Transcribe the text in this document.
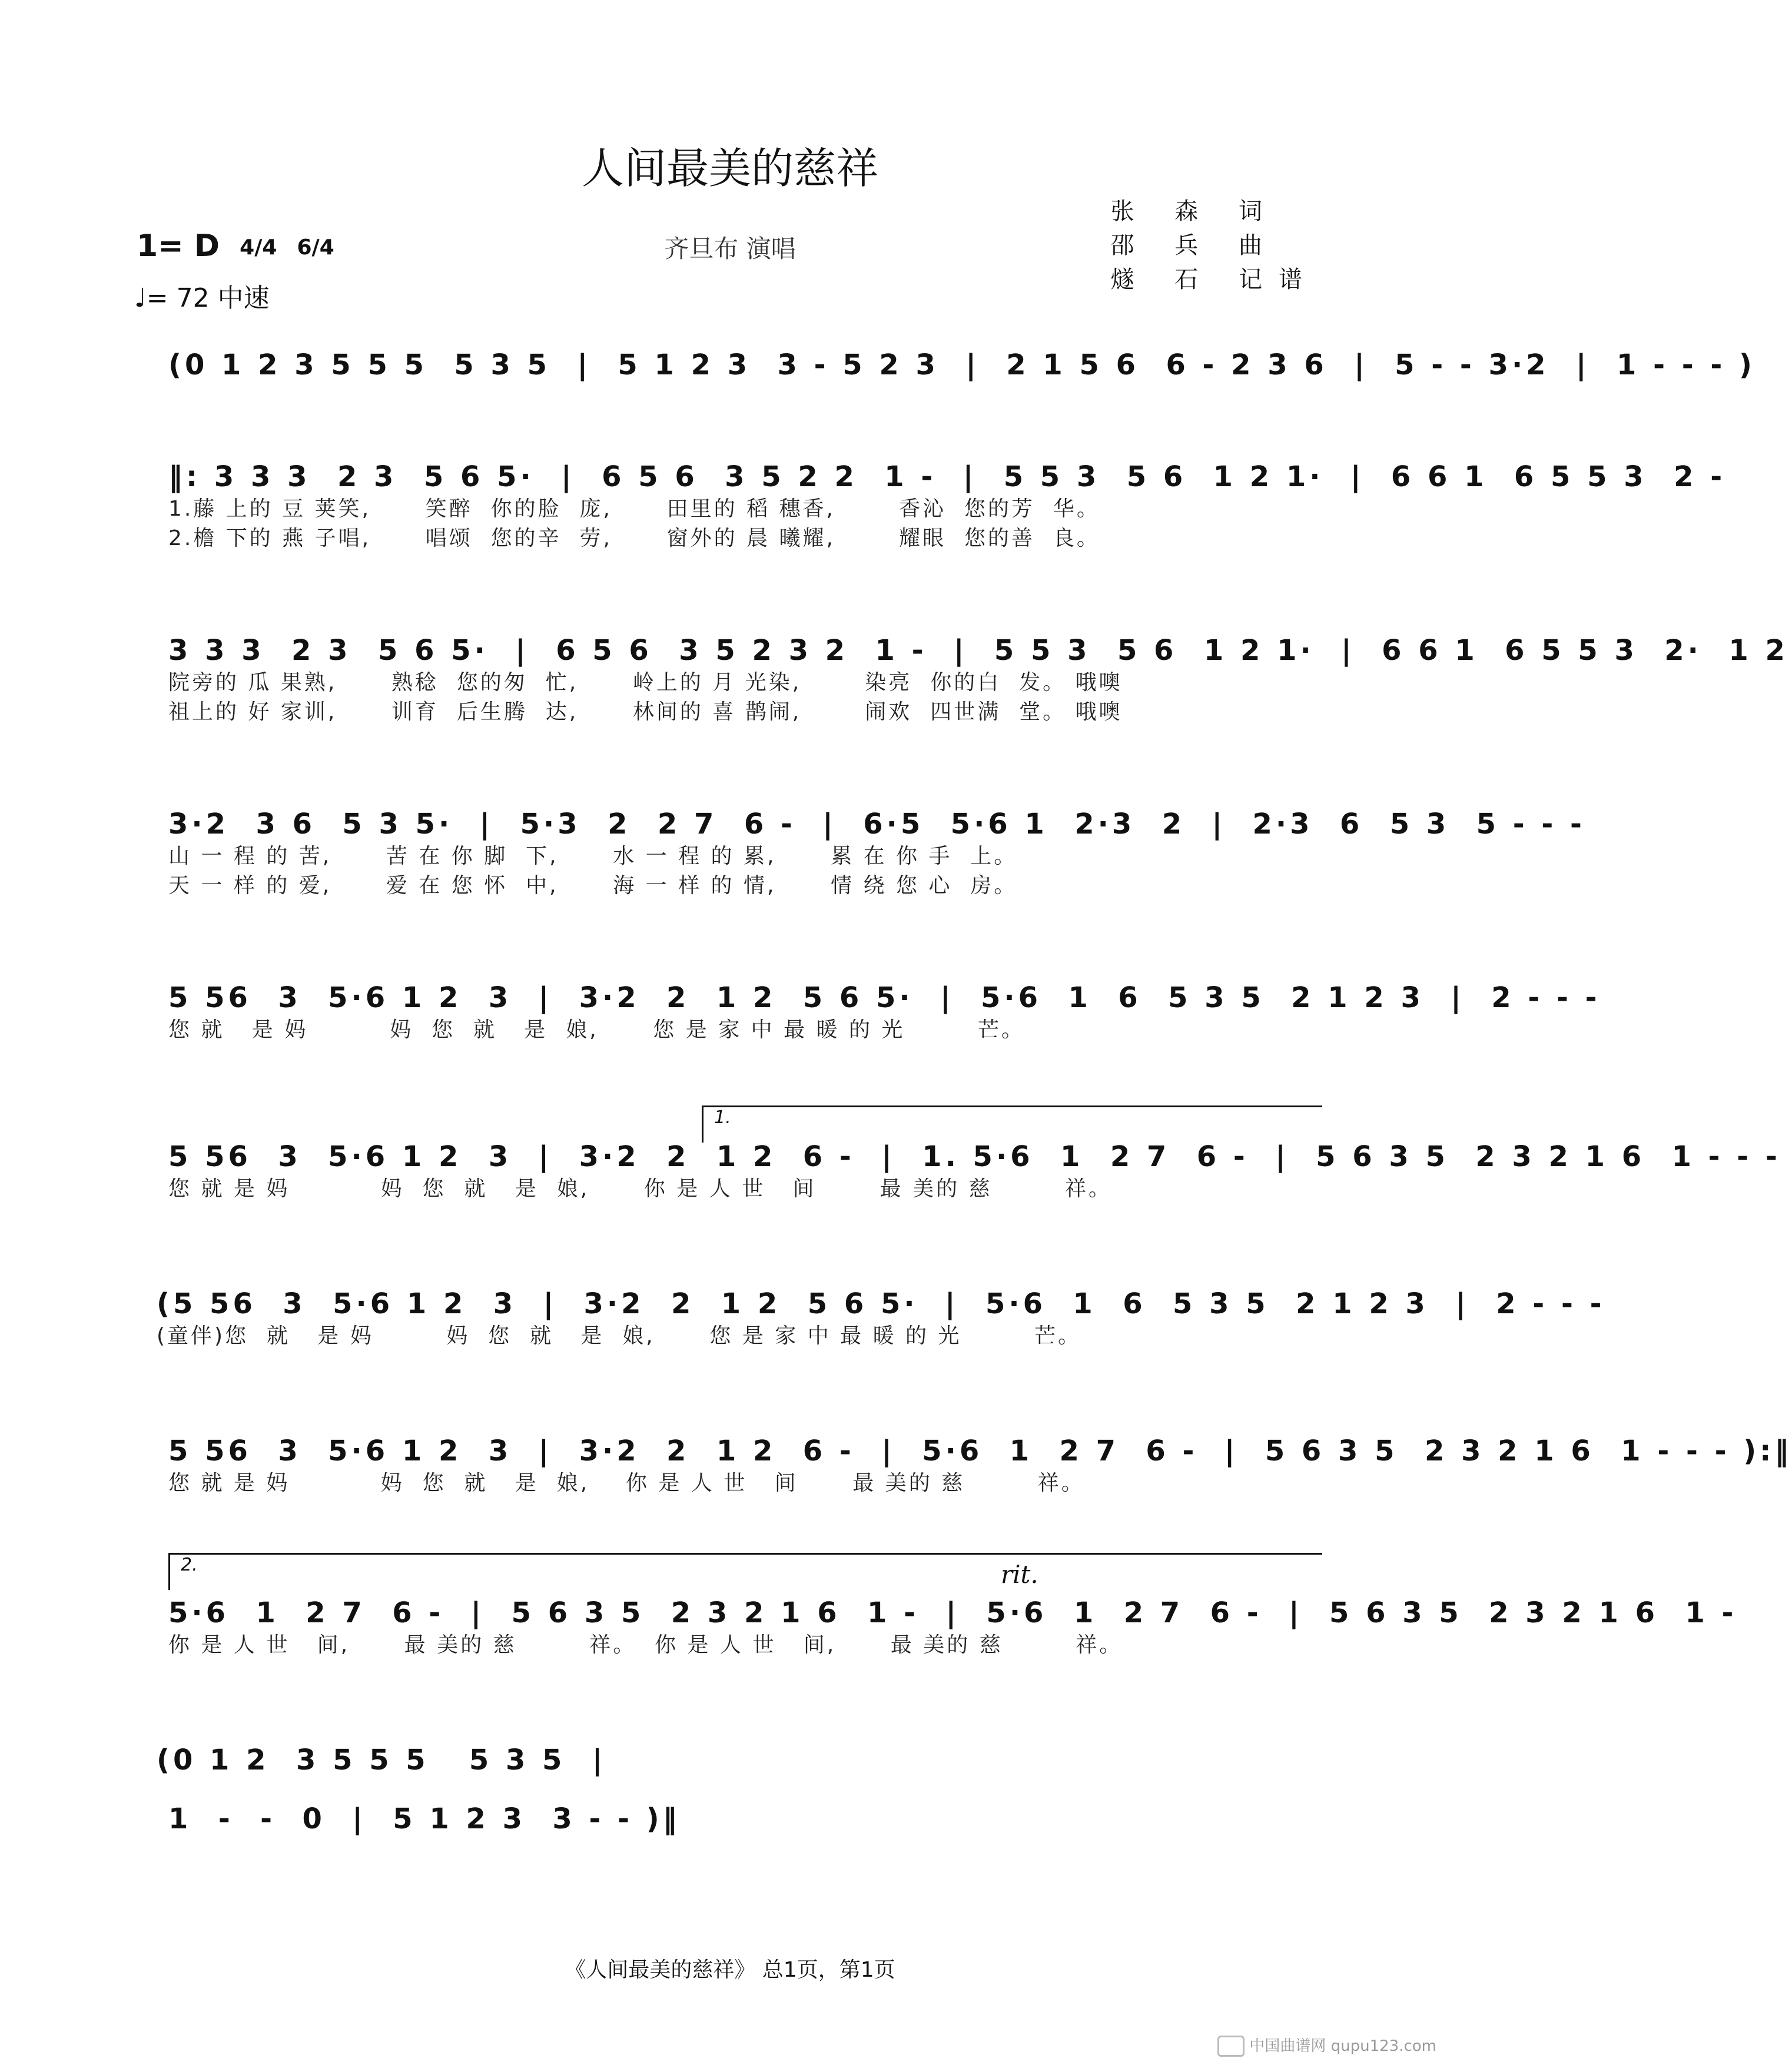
人间最美的慈祥
张 森 词
邵 兵 曲
燧 石 记谱
1= D 4/4 6/4
♩= 72 中速
齐旦布 演唱
(0 1 2 3 5 5 5  5 3 5  |  5 1 2 3  3 - 5 2 3  |  2 1 5 6  6 - 2 3 6  |  5 - - 3·2  |  1 - - - )
‖: 3 3 3  2 3  5 6 5·  |  6 5 6  3 5 2 2  1 -  |  5 5 3  5 6  1 2 1·  |  6 6 1  6 5 5 3  2 -
1.藤 上的 豆 荚笑,      笑醉  你的脸  庞,      田里的 稻 穗香,       香沁  您的芳  华。
2.檐 下的 燕 子唱,      唱颂  您的辛  劳,      窗外的 晨 曦耀,       耀眼  您的善  良。
3 3 3  2 3  5 6 5·  |  6 5 6  3 5 2 3 2  1 -  |  5 5 3  5 6  1 2 1·  |  6 6 1  6 5 5 3  2·  1 2
院旁的 瓜 果熟,      熟稔  您的匆  忙,      岭上的 月 光染,       染亮  你的白  发。 哦噢
祖上的 好 家训,      训育  后生腾  达,      林间的 喜 鹊闹,       闹欢  四世满  堂。 哦噢
3·2  3 6  5 3 5·  |  5·3  2  2 7  6 -  |  6·5  5·6 1  2·3  2  |  2·3  6  5 3  5 - - -
山 一 程 的 苦,      苦 在 你 脚  下,      水 一 程 的 累,      累 在 你 手  上。
天 一 样 的 爱,      爱 在 您 怀  中,      海 一 样 的 情,      情 绕 您 心  房。
5 56  3  5·6 1 2  3  |  3·2  2  1 2  5 6 5·  |  5·6  1  6  5 3 5  2 1 2 3  |  2 - - -
您 就   是 妈         妈  您  就   是  娘,      您 是 家 中 最 暖 的 光        芒。
1.
5 56  3  5·6 1 2  3  |  3·2  2  1 2  6 -  |  1. 5·6  1  2 7  6 -  |  5 6 3 5  2 3 2 1 6  1 - - -
您 就 是 妈          妈  您  就   是  娘,      你 是 人 世   间       最 美的 慈        祥。
(5 56  3  5·6 1 2  3  |  3·2  2  1 2  5 6 5·  |  5·6  1  6  5 3 5  2 1 2 3  |  2 - - -
(童伴)您  就   是 妈        妈  您  就   是  娘,      您 是 家 中 最 暖 的 光        芒。
5 56  3  5·6 1 2  3  |  3·2  2  1 2  6 -  |  5·6  1  2 7  6 -  |  5 6 3 5  2 3 2 1 6  1 - - - ):‖
您 就 是 妈          妈  您  就   是  娘,    你 是 人 世   间      最 美的 慈        祥。
2.	rit.
5·6  1  2 7  6 -  |  5 6 3 5  2 3 2 1 6  1 -  |  5·6  1  2 7  6 -  |  5 6 3 5  2 3 2 1 6  1 -
你 是 人 世   间,      最 美的 慈        祥。  你 是 人 世   间,      最 美的 慈        祥。
(0 1 2  3 5 5 5   5 3 5  |
1  -  -  0  |  5 1 2 3  3 - - )‖
《人间最美的慈祥》 总1页，第1页
中国曲谱网 qupu123.com
